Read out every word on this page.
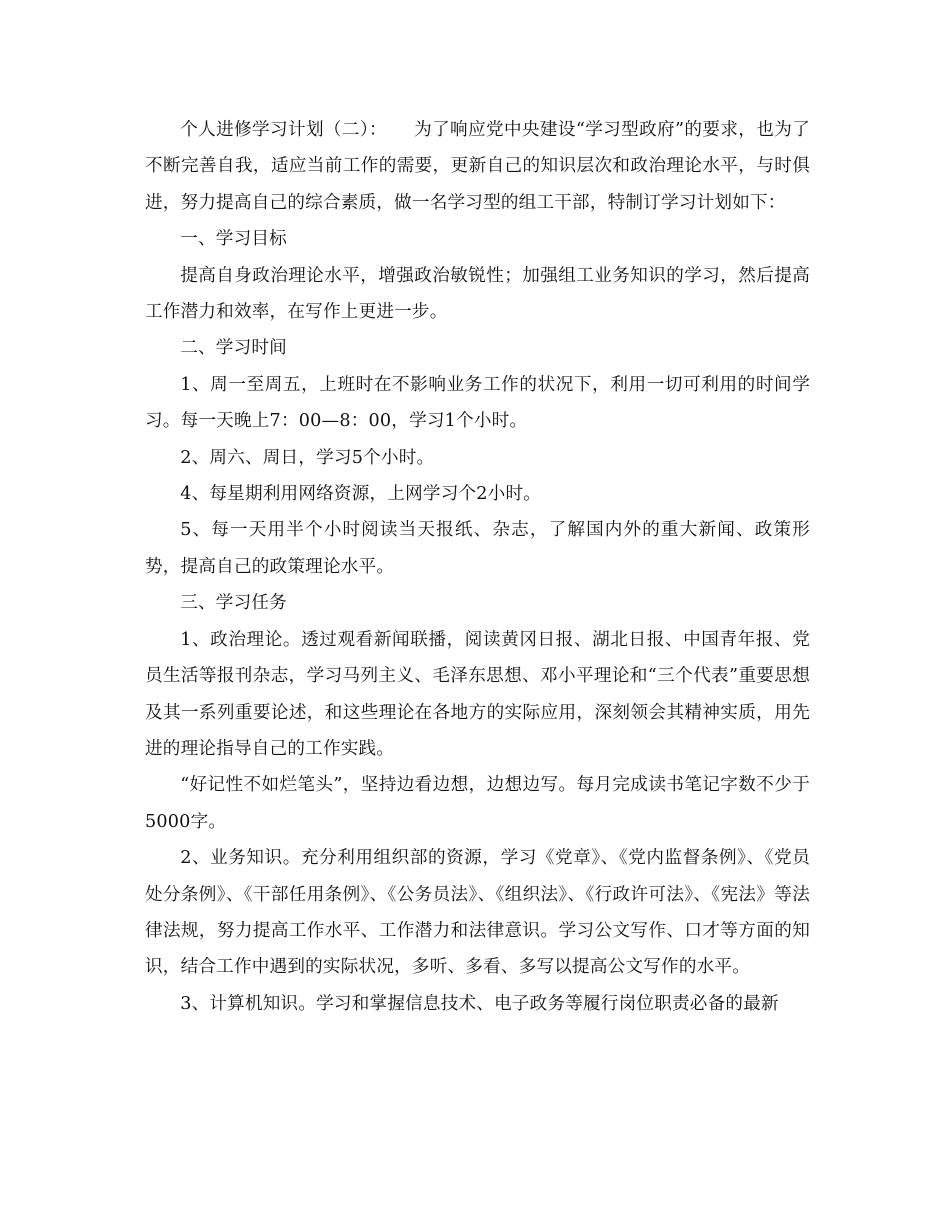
个人进修学习计划（二）：　　为了响应党中央建设“学习型政府”的要求，也为了不断完善自我，适应当前工作的需要，更新自己的知识层次和政治理论水平，与时俱进，努力提高自己的综合素质，做一名学习型的组工干部，特制订学习计划如下：

一、学习目标

提高自身政治理论水平，增强政治敏锐性；加强组工业务知识的学习，然后提高工作潜力和效率，在写作上更进一步。

二、学习时间

1、周一至周五，上班时在不影响业务工作的状况下，利用一切可利用的时间学习。每一天晚上7：00—8：00，学习1个小时。

2、周六、周日，学习5个小时。

4、每星期利用网络资源，上网学习个2小时。

5、每一天用半个小时阅读当天报纸、杂志，了解国内外的重大新闻、政策形势，提高自己的政策理论水平。

三、学习任务

1、政治理论。透过观看新闻联播，阅读黄冈日报、湖北日报、中国青年报、党员生活等报刊杂志，学习马列主义、毛泽东思想、邓小平理论和“三个代表”重要思想及其一系列重要论述，和这些理论在各地方的实际应用，深刻领会其精神实质，用先进的理论指导自己的工作实践。

“好记性不如烂笔头”，坚持边看边想，边想边写。每月完成读书笔记字数不少于5000字。

2、业务知识。充分利用组织部的资源，学习《党章》、《党内监督条例》、《党员处分条例》、《干部任用条例》、《公务员法》、《组织法》、《行政许可法》、《宪法》等法律法规，努力提高工作水平、工作潜力和法律意识。学习公文写作、口才等方面的知识，结合工作中遇到的实际状况，多听、多看、多写以提高公文写作的水平。

3、计算机知识。学习和掌握信息技术、电子政务等履行岗位职责必备的最新
